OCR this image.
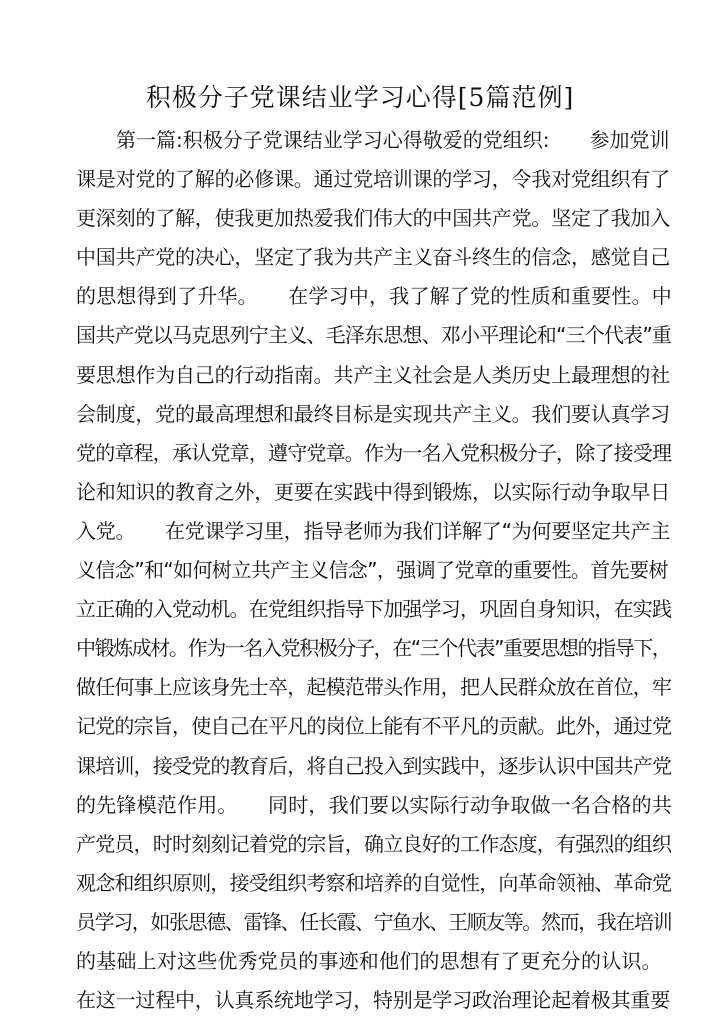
积极分子党课结业学习心得[5篇范例]
　　第一篇:积极分子党课结业学习心得敬爱的党组织:　　参加党训
课是对党的了解的必修课。通过党培训课的学习，令我对党组织有了
更深刻的了解，使我更加热爱我们伟大的中国共产党。坚定了我加入
中国共产党的决心，坚定了我为共产主义奋斗终生的信念，感觉自己
的思想得到了升华。　　在学习中，我了解了党的性质和重要性。中
国共产党以马克思列宁主义、毛泽东思想、邓小平理论和“三个代表”重
要思想作为自己的行动指南。共产主义社会是人类历史上最理想的社
会制度，党的最高理想和最终目标是实现共产主义。我们要认真学习
党的章程，承认党章，遵守党章。作为一名入党积极分子，除了接受理
论和知识的教育之外，更要在实践中得到锻炼，以实际行动争取早日
入党。　　在党课学习里，指导老师为我们详解了“为何要坚定共产主
义信念”和“如何树立共产主义信念”，强调了党章的重要性。首先要树
立正确的入党动机。在党组织指导下加强学习，巩固自身知识，在实践
中锻炼成材。作为一名入党积极分子，在“三个代表”重要思想的指导下，
做任何事上应该身先士卒，起模范带头作用，把人民群众放在首位，牢
记党的宗旨，使自己在平凡的岗位上能有不平凡的贡献。此外，通过党
课培训，接受党的教育后，将自己投入到实践中，逐步认识中国共产党
的先锋模范作用。　　同时，我们要以实际行动争取做一名合格的共
产党员，时时刻刻记着党的宗旨，确立良好的工作态度，有强烈的组织
观念和组织原则，接受组织考察和培养的自觉性，向革命领袖、革命党
员学习，如张思德、雷锋、任长霞、宁鱼水、王顺友等。然而，我在培训
的基础上对这些优秀党员的事迹和他们的思想有了更充分的认识。
在这一过程中，认真系统地学习，特别是学习政治理论起着极其重要
